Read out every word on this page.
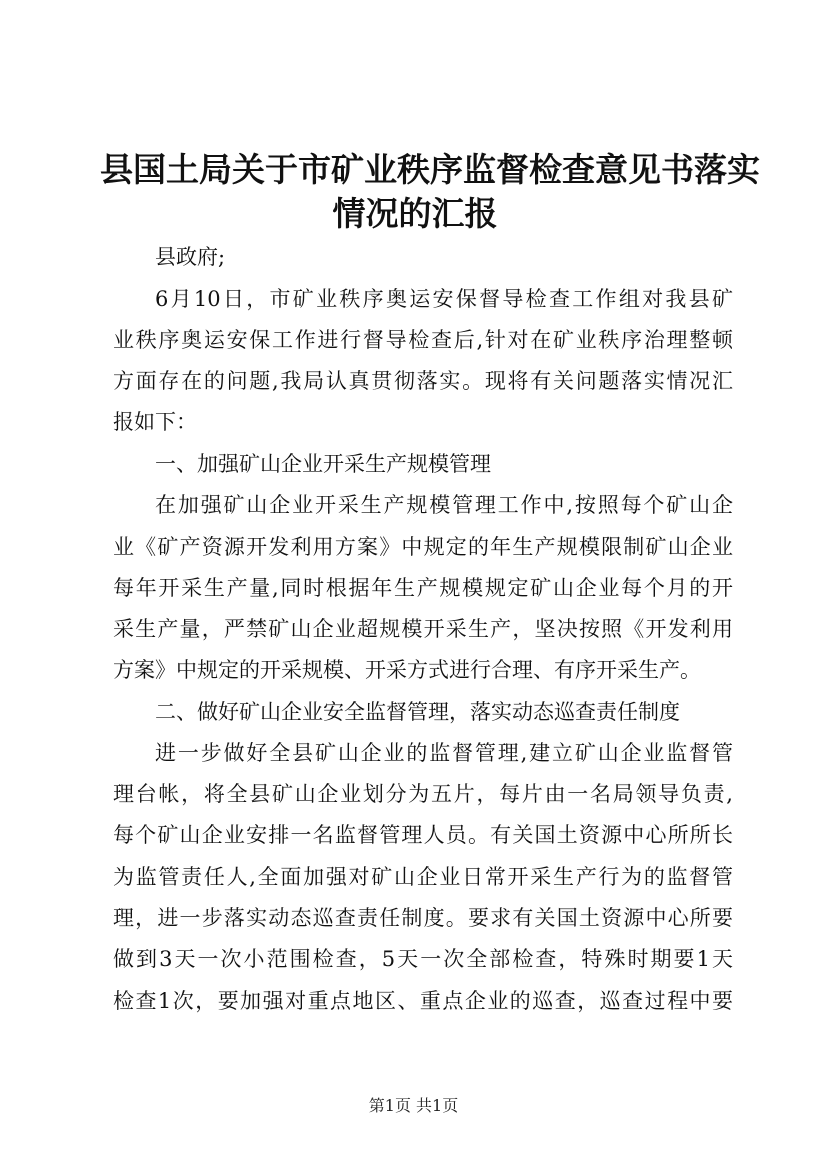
县国土局关于市矿业秩序监督检查意见书落实
情况的汇报
县政府;
6月10日，市矿业秩序奥运安保督导检查工作组对我县矿
业秩序奥运安保工作进行督导检查后,针对在矿业秩序治理整顿
方面存在的问题,我局认真贯彻落实。现将有关问题落实情况汇
报如下：
一、加强矿山企业开采生产规模管理
在加强矿山企业开采生产规模管理工作中,按照每个矿山企
业《矿产资源开发利用方案》中规定的年生产规模限制矿山企业
每年开采生产量,同时根据年生产规模规定矿山企业每个月的开
采生产量，严禁矿山企业超规模开采生产，坚决按照《开发利用
方案》中规定的开采规模、开采方式进行合理、有序开采生产。
二、做好矿山企业安全监督管理，落实动态巡查责任制度
进一步做好全县矿山企业的监督管理,建立矿山企业监督管
理台帐，将全县矿山企业划分为五片，每片由一名局领导负责,
每个矿山企业安排一名监督管理人员。有关国土资源中心所所长
为监管责任人,全面加强对矿山企业日常开采生产行为的监督管
理，进一步落实动态巡查责任制度。要求有关国土资源中心所要
做到3天一次小范围检查，5天一次全部检查，特殊时期要1天
检查1次，要加强对重点地区、重点企业的巡查，巡查过程中要
第1页 共1页
